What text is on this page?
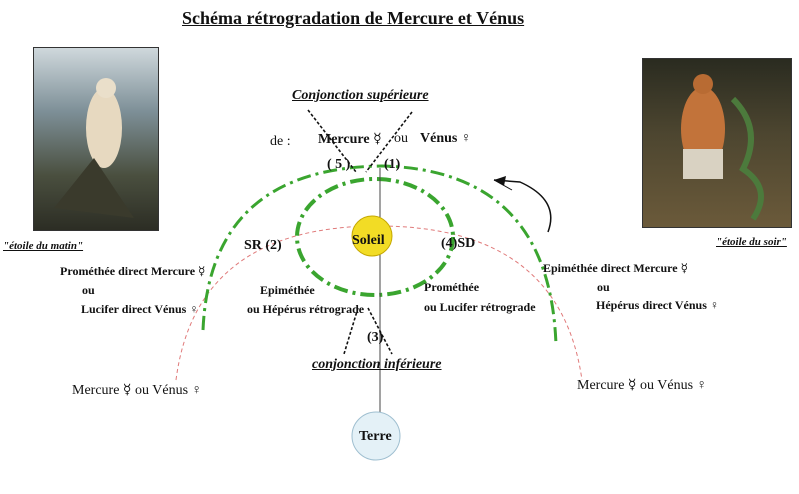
Schéma rétrogradation de Mercure et Vénus
Conjonction supérieure
de : Mercure ☿ ou Vénus ♀
( 5 ) (1)
SR (2)	(4)SD
Soleil
(3)
conjonction inférieure
Terre
Prométhée direct Mercure ☿
ou
Lucifer direct Vénus ♀
Epiméthée
ou Hépérus rétrograde
Prométhée
ou Lucifer rétrograde
Epiméthée direct Mercure ☿
ou
Hépérus direct Vénus ♀
Mercure ☿ ou Vénus ♀	Mercure ☿ ou Vénus ♀
"étoile du matin"	"étoile du soir"
